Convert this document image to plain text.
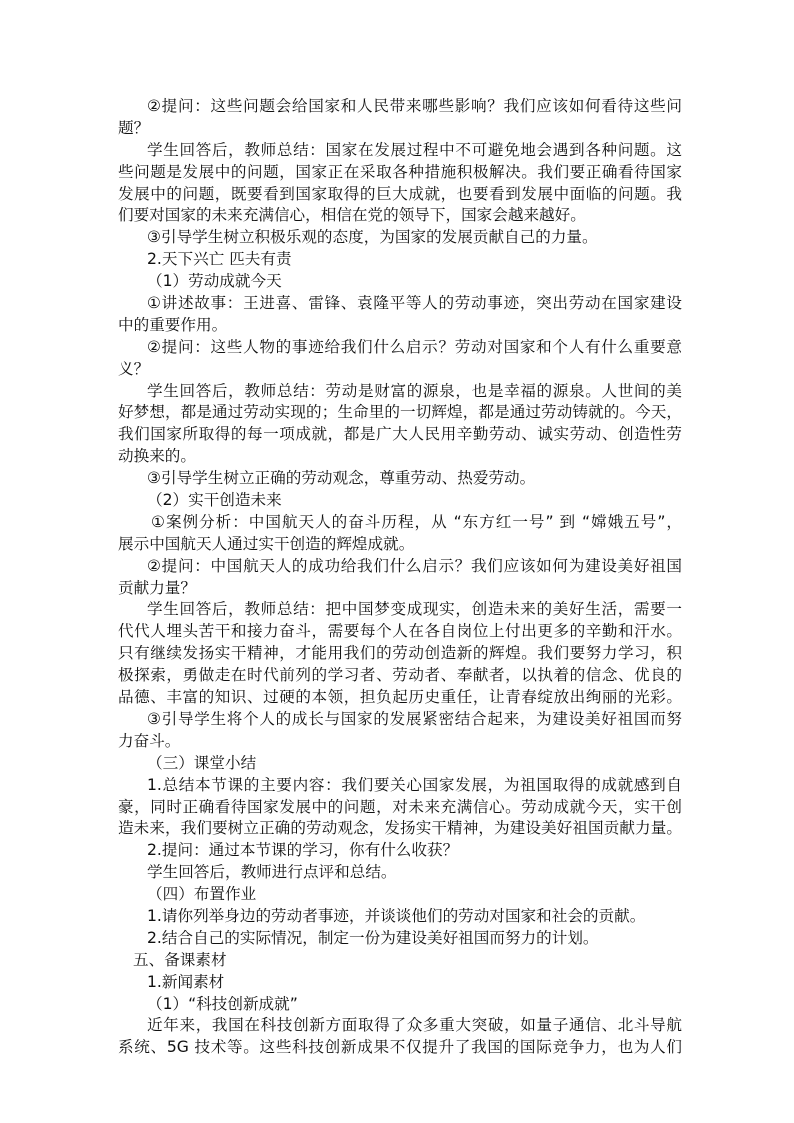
②提问：这些问题会给国家和人民带来哪些影响？我们应该如何看待这些问
题？
学生回答后，教师总结：国家在发展过程中不可避免地会遇到各种问题。这
些问题是发展中的问题，国家正在采取各种措施积极解决。我们要正确看待国家
发展中的问题，既要看到国家取得的巨大成就，也要看到发展中面临的问题。我
们要对国家的未来充满信心，相信在党的领导下，国家会越来越好。
③引导学生树立积极乐观的态度，为国家的发展贡献自己的力量。
2.天下兴亡 匹夫有责
（1）劳动成就今天
①讲述故事：王进喜、雷锋、袁隆平等人的劳动事迹，突出劳动在国家建设
中的重要作用。
②提问：这些人物的事迹给我们什么启示？劳动对国家和个人有什么重要意
义？
学生回答后，教师总结：劳动是财富的源泉，也是幸福的源泉。人世间的美
好梦想，都是通过劳动实现的；生命里的一切辉煌，都是通过劳动铸就的。今天，
我们国家所取得的每一项成就，都是广大人民用辛勤劳动、诚实劳动、创造性劳
动换来的。
③引导学生树立正确的劳动观念，尊重劳动、热爱劳动。
（2）实干创造未来
①案例分析：中国航天人的奋斗历程，从 “东方红一号” 到 “嫦娥五号”，
展示中国航天人通过实干创造的辉煌成就。
②提问：中国航天人的成功给我们什么启示？我们应该如何为建设美好祖国
贡献力量？
学生回答后，教师总结：把中国梦变成现实，创造未来的美好生活，需要一
代代人埋头苦干和接力奋斗，需要每个人在各自岗位上付出更多的辛勤和汗水。
只有继续发扬实干精神，才能用我们的劳动创造新的辉煌。我们要努力学习，积
极探索，勇做走在时代前列的学习者、劳动者、奉献者，以执着的信念、优良的
品德、丰富的知识、过硬的本领，担负起历史重任，让青春绽放出绚丽的光彩。
③引导学生将个人的成长与国家的发展紧密结合起来，为建设美好祖国而努
力奋斗。
（三）课堂小结
1.总结本节课的主要内容：我们要关心国家发展，为祖国取得的成就感到自
豪，同时正确看待国家发展中的问题，对未来充满信心。劳动成就今天，实干创
造未来，我们要树立正确的劳动观念，发扬实干精神，为建设美好祖国贡献力量。
2.提问：通过本节课的学习，你有什么收获？
学生回答后，教师进行点评和总结。
（四）布置作业
1.请你列举身边的劳动者事迹，并谈谈他们的劳动对国家和社会的贡献。
2.结合自己的实际情况，制定一份为建设美好祖国而努力的计划。
五、备课素材
1.新闻素材
（1）“科技创新成就”
近年来，我国在科技创新方面取得了众多重大突破，如量子通信、北斗导航
系统、5G 技术等。这些科技创新成果不仅提升了我国的国际竞争力，也为人们
